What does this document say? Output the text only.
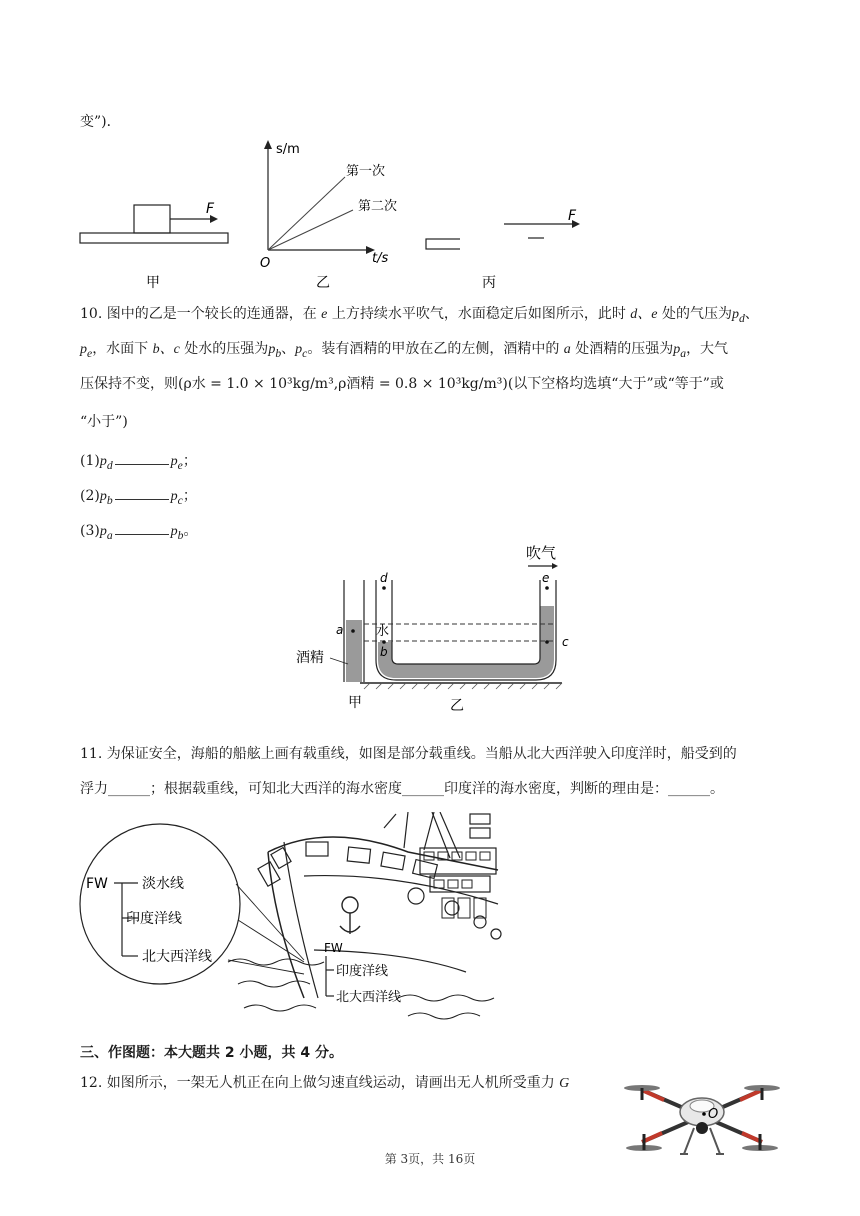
变”)．
F
甲
s/m
t/s
O
第一次
第二次
乙
F
丙
10. 图中的乙是一个较长的连通器，在 e 上方持续水平吹气，水面稳定后如图所示，此时 d、e 处的气压为$p_d$、
$p_e$，水面下 b、c 处水的压强为$p_b$、$p_c$。装有酒精的甲放在乙的左侧，酒精中的 a 处酒精的压强为$p_a$，大气
压保持不变，则(ρ水 = 1.0 × 10³kg/m³,ρ酒精 = 0.8 × 10³kg/m³)(以下空格均选填“大于”或“等于”或
“小于”)
$(1)p_d$	$p_e$；
$(2)p_b$	$p_c$；
$(3)p_a$	$p_b$。
吹气
a
酒精
甲
d	e
水
b
c
乙
11. 为保证安全，海船的船舷上画有载重线，如图是部分载重线。当船从北大西洋驶入印度洋时，船受到的
浮力______；根据载重线，可知北大西洋的海水密度______印度洋的海水密度，判断的理由是：______。
FW 淡水线
印度洋线
北大西洋线
FW
印度洋线
北大西洋线
三、作图题：本大题共 2 小题，共 4 分。
12. 如图所示，一架无人机正在向上做匀速直线运动，请画出无人机所受重力 G
O
第 3页，共 16页
